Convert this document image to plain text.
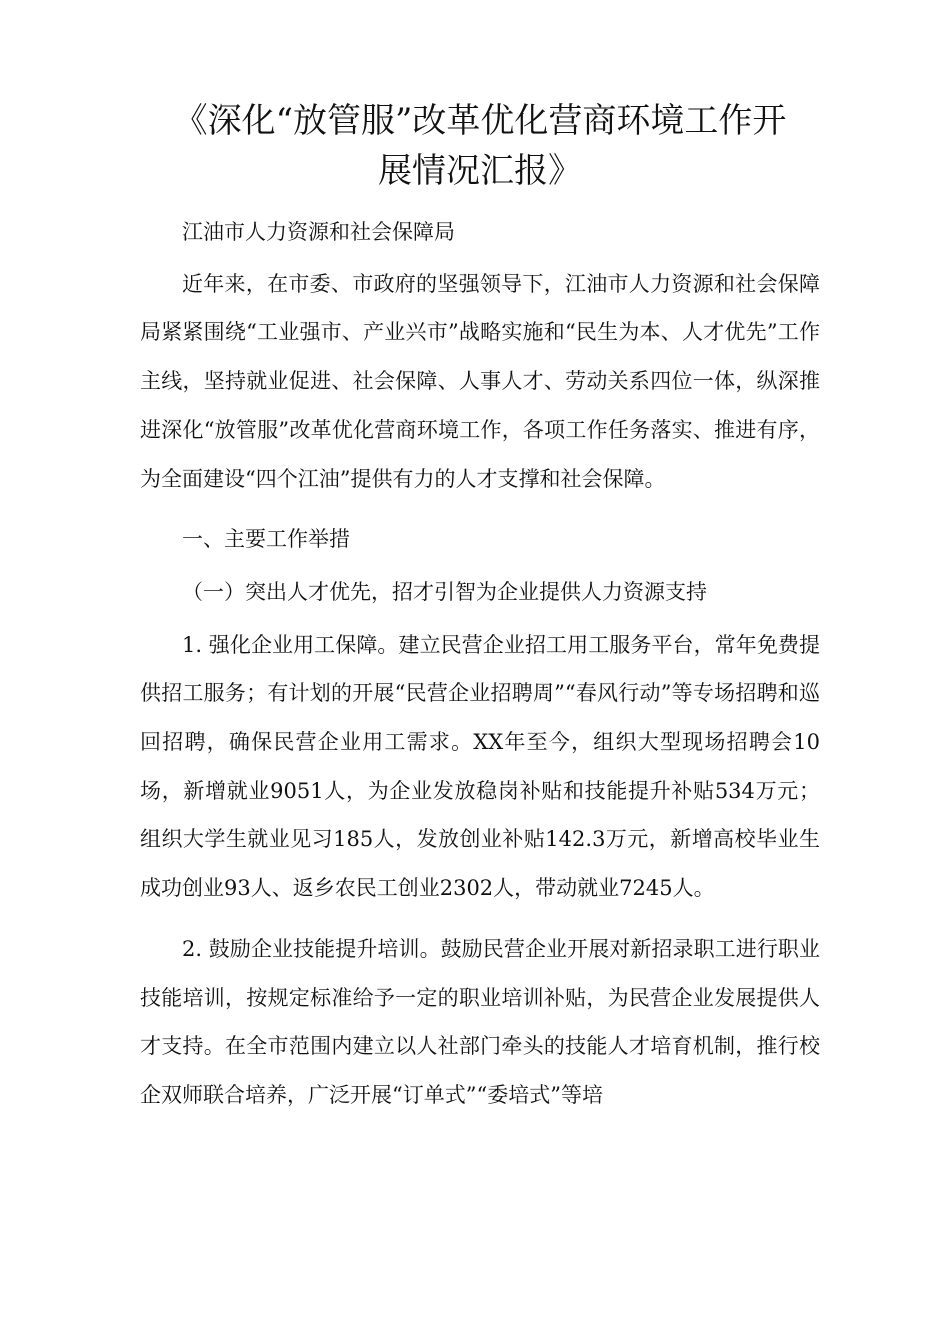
《深化“放管服”改革优化营商环境工作开
展情况汇报》

江油市人力资源和社会保障局

近年来，在市委、市政府的坚强领导下，江油市人力资源和社会保障局紧紧围绕“工业强市、产业兴市”战略实施和“民生为本、人才优先”工作主线，坚持就业促进、社会保障、人事人才、劳动关系四位一体，纵深推进深化“放管服”改革优化营商环境工作，各项工作任务落实、推进有序，为全面建设“四个江油”提供有力的人才支撑和社会保障。

一、主要工作举措

（一）突出人才优先，招才引智为企业提供人力资源支持

1. 强化企业用工保障。建立民营企业招工用工服务平台，常年免费提供招工服务；有计划的开展“民营企业招聘周”“春风行动”等专场招聘和巡回招聘，确保民营企业用工需求。XX年至今，组织大型现场招聘会10场，新增就业9051人，为企业发放稳岗补贴和技能提升补贴534万元；组织大学生就业见习185人，发放创业补贴142.3万元，新增高校毕业生成功创业93人、返乡农民工创业2302人，带动就业7245人。

2. 鼓励企业技能提升培训。鼓励民营企业开展对新招录职工进行职业技能培训，按规定标准给予一定的职业培训补贴，为民营企业发展提供人才支持。在全市范围内建立以人社部门牵头的技能人才培育机制，推行校企双师联合培养，广泛开展“订单式”“委培式”等培
